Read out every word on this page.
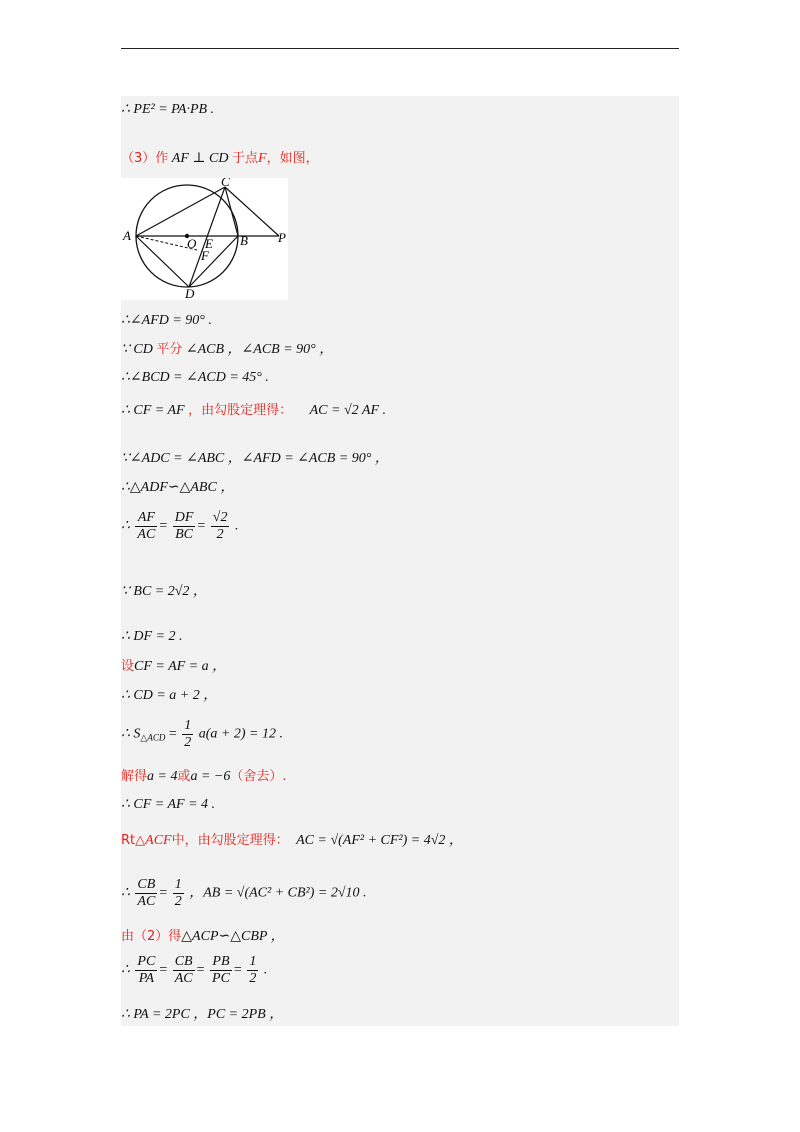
∴ PE² = PA·PB .
（3）作 AF ⊥ CD 于点F，如图，
A
C
B P
D
O E
F
∴∠AFD = 90° .
∵ CD 平分 ∠ACB ，∠ACB = 90° ，
∴∠BCD = ∠ACD = 45° .
∴ CF = AF ，由勾股定理得： AC = √2 AF .
∵∠ADC = ∠ABC ，∠AFD = ∠ACB = 90° ，
∴△ADF∽△ABC ，
∴ $\frac{AF}{AC} = \frac{DF}{BC} = \frac{√2}{2}$ .
∵ BC = 2√2 ，
∴ DF = 2 .
设CF = AF = a ，
∴ CD = a + 2 ，
∴ $S_{\triangle ACD} = \frac{1}{2} a(a + 2) = 12$ .
解得a = 4或a = −6（舍去）.
∴ CF = AF = 4 .
Rt△ACF中，由勾股定理得： AC = √(AF² + CF²) = 4√2 ，
∴ $\frac{CB}{AC} = \frac{1}{2}$ ，AB = √(AC² + CB²) = 2√10 .
由（2）得△ACP∽△CBP ，
∴ $\frac{PC}{PA} = \frac{CB}{AC} = \frac{PB}{PC} = \frac{1}{2}$ .
∴ PA = 2PC ，PC = 2PB ，
